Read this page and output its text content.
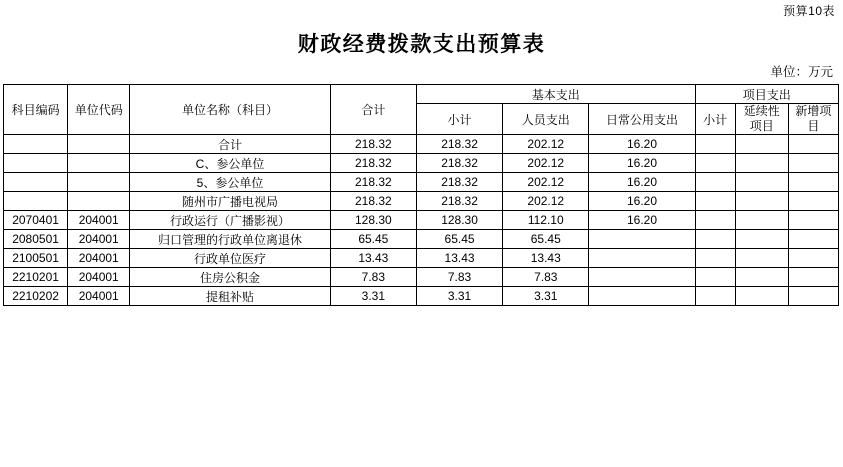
预算10表
财政经费拨款支出预算表
单位：万元
科目编码	单位代码	单位名称（科目）	合计	基本支出			项目支出		
				小计	人员支出	日常公用支出	小计	延续性项目	新增项目
		合计	218.32	218.32	202.12	16.20			
		C、参公单位	218.32	218.32	202.12	16.20			
		5、参公单位	218.32	218.32	202.12	16.20			
		随州市广播电视局	218.32	218.32	202.12	16.20			
2070401	204001	行政运行（广播影视）	128.30	128.30	112.10	16.20			
2080501	204001	归口管理的行政单位离退休	65.45	65.45	65.45				
2100501	204001	行政单位医疗	13.43	13.43	13.43				
2210201	204001	住房公积金	7.83	7.83	7.83				
2210202	204001	提租补贴	3.31	3.31	3.31				
